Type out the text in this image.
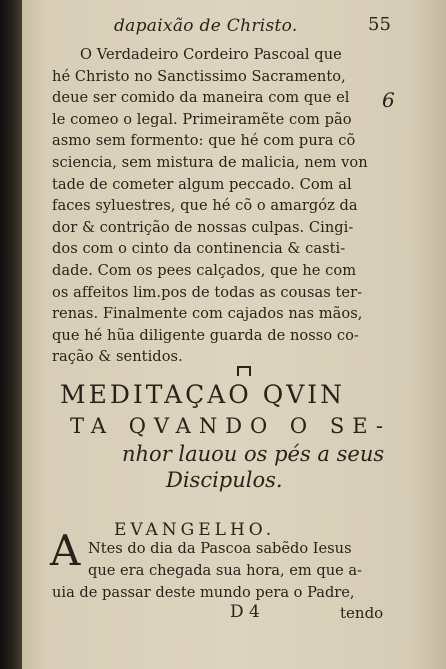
dapaixão de Christo.	55
6
O Verdadeiro Cordeiro Pascoal que
hé Christo no Sanctissimo Sacramento,
deue ser comido da maneira com que el
le comeo o legal. Primeiramẽte com pão
asmo sem formento: que hé com pura cõ
sciencia, sem mistura de malicia, nem von
tade de cometer algum peccado. Com al
faces syluestres, que hé cõ o amargóz da
dor & contrição de nossas culpas. Cingi-
dos com o cinto da continencia & casti-
dade. Com os pees calçados, que he com
os affeitos lim.pos de todas as cousas ter-
renas. Finalmente com cajados nas mãos,
que hé hũa diligente guarda de nosso co-
ração & sentidos.
MEDITAÇAO QVIN
TA QVANDO O SE-
nhor lauou os pés a seus
Discipulos.
EVANGELHO.
A Ntes do dia da Pascoa sabẽdo Iesus
que era chegada sua hora, em que a-
uia de passar deste mundo pera o Padre,
D 4	tendo
